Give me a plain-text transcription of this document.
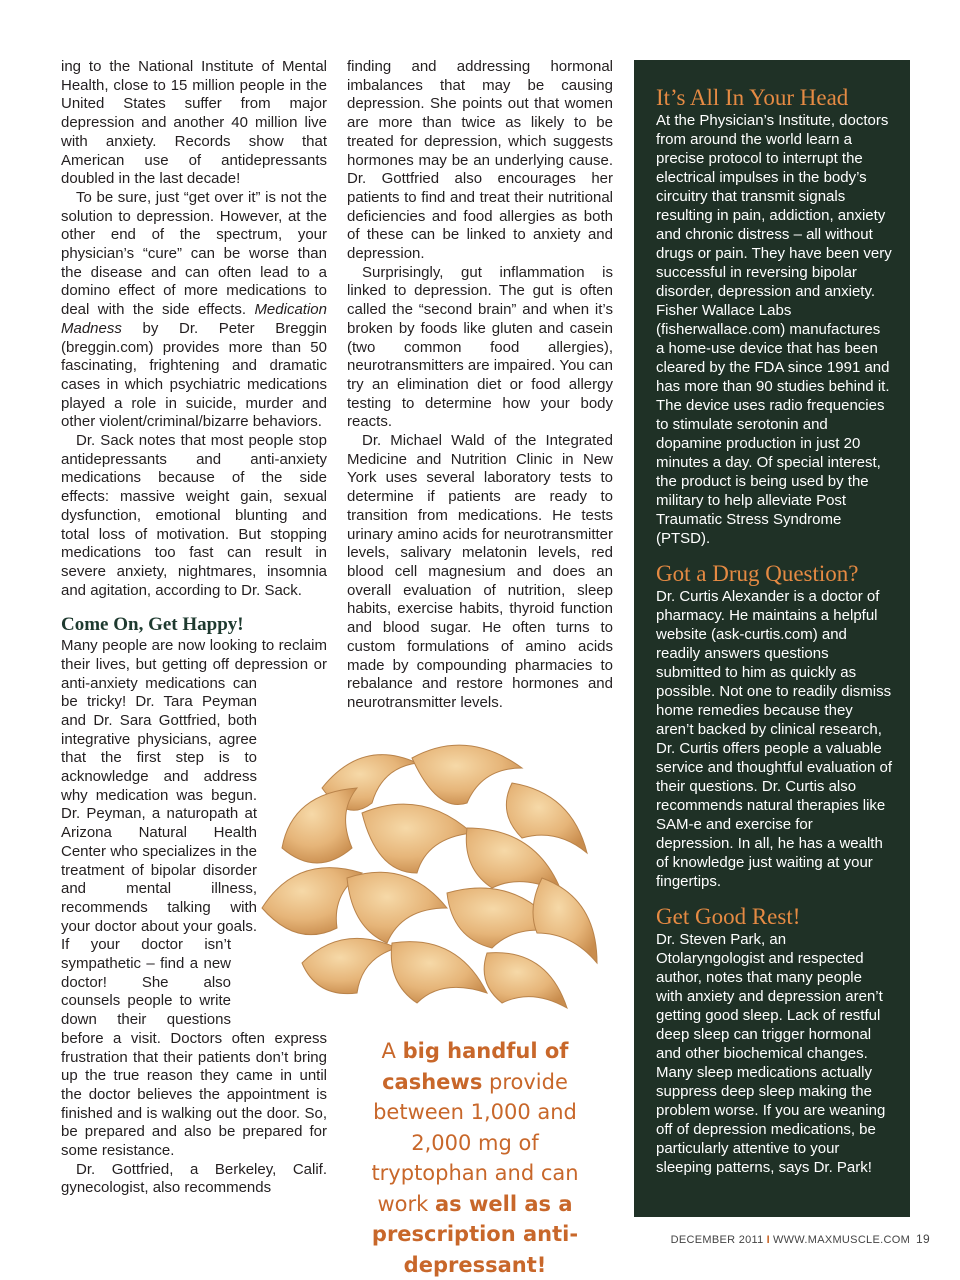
ing to the National Institute of Mental Health, close to 15 million people in the United States suffer from major depression and another 40 million live with anxiety. Records show that American use of antidepressants doubled in the last decade!

To be sure, just “get over it” is not the solution to depression. However, at the other end of the spectrum, your physician’s “cure” can be worse than the disease and can often lead to a domino effect of more medications to deal with the side effects. Medication Madness by Dr. Peter Breggin (breggin.com) provides more than 50 fascinating, frightening and dramatic cases in which psychiatric medications played a role in suicide, murder and other violent/criminal/bizarre behaviors.

Dr. Sack notes that most people stop antidepressants and anti-anxiety medications because of the side effects: massive weight gain, sexual dysfunction, emotional blunting and total loss of motivation. But stopping medications too fast can result in severe anxiety, nightmares, insomnia and agitation, according to Dr. Sack.

Come On, Get Happy!

Many people are now looking to reclaim their lives, but getting off depression or anti-anxiety medications can be tricky! Dr. Tara Peyman and Dr. Sara Gottfried, both integrative physicians, agree that the first step is to acknowledge and address why medication was begun. Dr. Peyman, a naturopath at Arizona Natural Health Center who specializes in the treatment of bipolar disorder and mental illness, recommends talking with your doctor about your goals. If your doctor isn’t sympathetic – find a new doctor! She also counsels people to write down their questions before a visit. Doctors often express frustration that their patients don’t bring up the true reason they came in until the doctor believes the appointment is finished and is walking out the door. So, be prepared and also be prepared for some resistance.

Dr. Gottfried, a Berkeley, Calif. gynecologist, also recommends

finding and addressing hormonal imbalances that may be causing depression. She points out that women are more than twice as likely to be treated for depression, which suggests hormones may be an underlying cause. Dr. Gottfried also encourages her patients to find and treat their nutritional deficiencies and food allergies as both of these can be linked to anxiety and depression.

Surprisingly, gut inflammation is linked to depression. The gut is often called the “second brain” and when it’s broken by foods like gluten and casein (two common food allergies), neurotransmitters are impaired. You can try an elimination diet or food allergy testing to determine how your body reacts.

Dr. Michael Wald of the Integrated Medicine and Nutrition Clinic in New York uses several laboratory tests to determine if patients are ready to transition from medications. He tests urinary amino acids for neurotransmitter levels, salivary melatonin levels, red blood cell magnesium and does an overall evaluation of nutrition, sleep habits, exercise habits, thyroid function and blood sugar. He often turns to custom formulations of amino acids made by compounding pharmacies to rebalance and restore hormones and neurotransmitter levels.

A big handful of cashews provide between 1,000 and 2,000 mg of tryptophan and can work as well as a prescription anti-depressant!
It’s All In Your Head

At the Physician’s Institute, doctors from around the world learn a precise protocol to interrupt the electrical impulses in the body’s circuitry that transmit signals resulting in pain, addiction, anxiety and chronic distress – all without drugs or pain. They have been very successful in reversing bipolar disorder, depression and anxiety. Fisher Wallace Labs (fisherwallace.com) manufactures a home-use device that has been cleared by the FDA since 1991 and has more than 90 studies behind it. The device uses radio frequencies to stimulate serotonin and dopamine production in just 20 minutes a day. Of special interest, the product is being used by the military to help alleviate Post Traumatic Stress Syndrome (PTSD).

Got a Drug Question?

Dr. Curtis Alexander is a doctor of pharmacy. He maintains a helpful website (ask-curtis.com) and readily answers questions submitted to him as quickly as possible. Not one to readily dismiss home remedies because they aren’t backed by clinical research, Dr. Curtis offers people a valuable service and thoughtful evaluation of their questions. Dr. Curtis also recommends natural therapies like SAM-e and exercise for depression. In all, he has a wealth of knowledge just waiting at your fingertips.

Get Good Rest!

Dr. Steven Park, an Otolaryngologist and respected author, notes that many people with anxiety and depression aren’t getting good sleep. Lack of restful deep sleep can trigger hormonal and other biochemical changes. Many sleep medications actually suppress deep sleep making the problem worse. If you are weaning off of depression medications, be particularly attentive to your sleeping patterns, says Dr. Park!

DECEMBER 2011 I WWW.MAXMUSCLE.COM 19
